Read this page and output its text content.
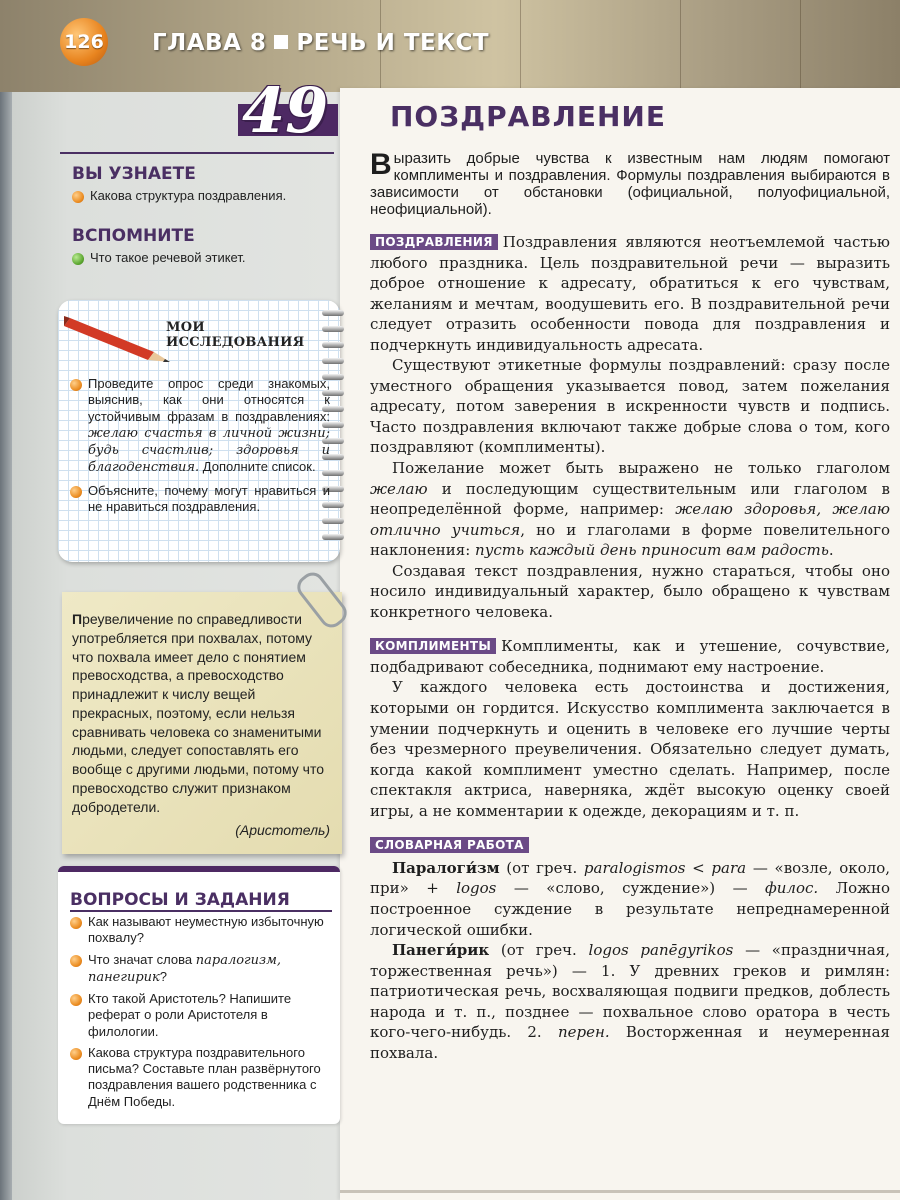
126 ГЛАВА 8 РЕЧЬ И ТЕКСТ
49 ПОЗДРАВЛЕНИЕ

ВЫ УЗНАЕТЕ

Какова структура поздравления.

ВСПОМНИТЕ

Что такое речевой этикет.
МОИ ИССЛЕДОВАНИЯ
Проведите опрос среди знакомых, выяснив, как они относятся к устойчивым фразам в поздравлениях: желаю счастья в личной жизни; будь счастлив; здоровья и благоденствия. Дополните список.
Объясните, почему могут нравиться и не нравиться поздравления.
Преувеличение по справедливости употребляется при похвалах, потому что похвала имеет дело с понятием превосходства, а превосходство принадлежит к числу вещей прекрасных, поэтому, если нельзя сравнивать человека со знаменитыми людьми, следует сопоставлять его вообще с другими людьми, потому что превосходство служит признаком добродетели.
(Аристотель)

ВОПРОСЫ И ЗАДАНИЯ

Как называют неуместную избыточную похвалу?
Что значат слова паралогизм, панегирик?
Кто такой Аристотель? Напишите реферат о роли Аристотеля в филологии.
Какова структура поздравительного письма? Составьте план развёрнутого поздравления вашего родственника с Днём Победы.

Выразить добрые чувства к известным нам людям помогают комплименты и поздравления. Формулы поздравления выбираются в зависимости от обстановки (официальной, полуофициальной, неофициальной).

ПОЗДРАВЛЕНИЯ Поздравления являются неотъемлемой частью любого праздника. Цель поздравительной речи — выразить доброе отношение к адресату, обратиться к его чувствам, желаниям и мечтам, воодушевить его. В поздравительной речи следует отразить особенности повода для поздравления и подчеркнуть индивидуальность адресата.

Существуют этикетные формулы поздравлений: сразу после уместного обращения указывается повод, затем пожелания адресату, потом заверения в искренности чувств и подпись. Часто поздравления включают также добрые слова о том, кого поздравляют (комплименты).

Пожелание может быть выражено не только глаголом желаю и последующим существительным или глаголом в неопределённой форме, например: желаю здоровья, желаю отлично учиться, но и глаголами в форме повелительного наклонения: пусть каждый день приносит вам радость.

Создавая текст поздравления, нужно стараться, чтобы оно носило индивидуальный характер, было обращено к чувствам конкретного человека.

КОМПЛИМЕНТЫ Комплименты, как и утешение, сочувствие, подбадривают собеседника, поднимают ему настроение.

У каждого человека есть достоинства и достижения, которыми он гордится. Искусство комплимента заключается в умении подчеркнуть и оценить в человеке его лучшие черты без чрезмерного преувеличения. Обязательно следует думать, когда какой комплимент уместно сделать. Например, после спектакля актриса, наверняка, ждёт высокую оценку своей игры, а не комментарии к одежде, декорациям и т. п.

СЛОВАРНАЯ РАБОТА

Паралоги́зм (от греч. paralogismos < para — «возле, около, при» + logos — «слово, суждение») — филос. Ложно построенное суждение в результате непреднамеренной логической ошибки.

Панеги́рик (от греч. logos panēgyrikos — «праздничная, торжественная речь») — 1. У древних греков и римлян: патриотическая речь, восхваляющая подвиги предков, доблесть народа и т. п., позднее — похвальное слово оратора в честь кого-чего-нибудь. 2. перен. Восторженная и неумеренная похвала.
